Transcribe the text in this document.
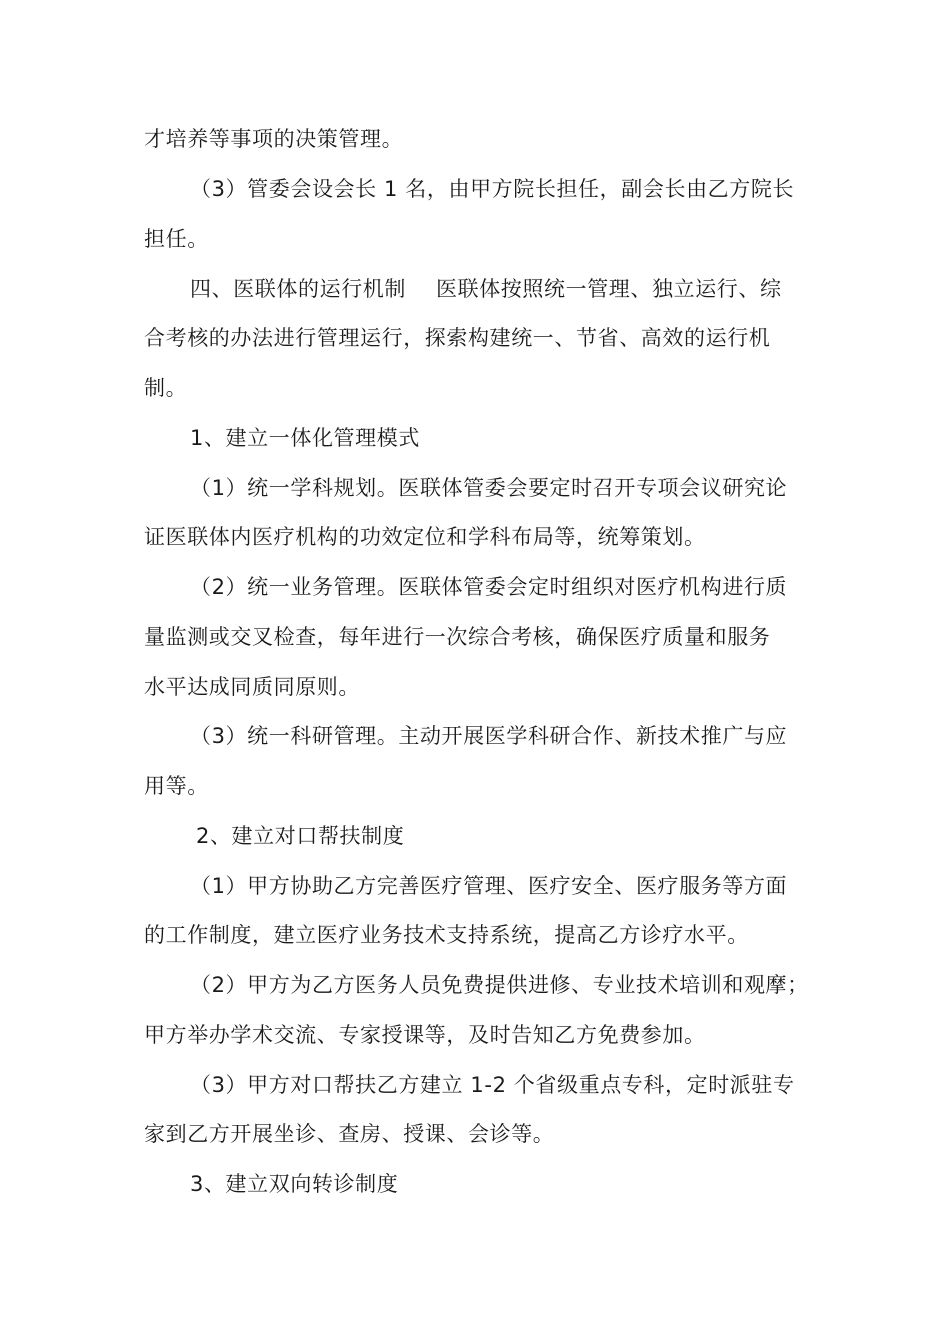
才培养等事项的决策管理。
（3）管委会设会长 1 名，由甲方院长担任，副会长由乙方院长
担任。
四、医联体的运行机制 医联体按照统一管理、独立运行、综
合考核的办法进行管理运行，探索构建统一、节省、高效的运行机
制。
1、建立一体化管理模式
（1）统一学科规划。医联体管委会要定时召开专项会议研究论
证医联体内医疗机构的功效定位和学科布局等，统筹策划。
（2）统一业务管理。医联体管委会定时组织对医疗机构进行质
量监测或交叉检查，每年进行一次综合考核，确保医疗质量和服务
水平达成同质同原则。
（3）统一科研管理。主动开展医学科研合作、新技术推广与应
用等。
2、建立对口帮扶制度
（1）甲方协助乙方完善医疗管理、医疗安全、医疗服务等方面
的工作制度，建立医疗业务技术支持系统，提高乙方诊疗水平。
（2）甲方为乙方医务人员免费提供进修、专业技术培训和观摩；
甲方举办学术交流、专家授课等，及时告知乙方免费参加。
（3）甲方对口帮扶乙方建立 1-2 个省级重点专科，定时派驻专
家到乙方开展坐诊、查房、授课、会诊等。
3、建立双向转诊制度
